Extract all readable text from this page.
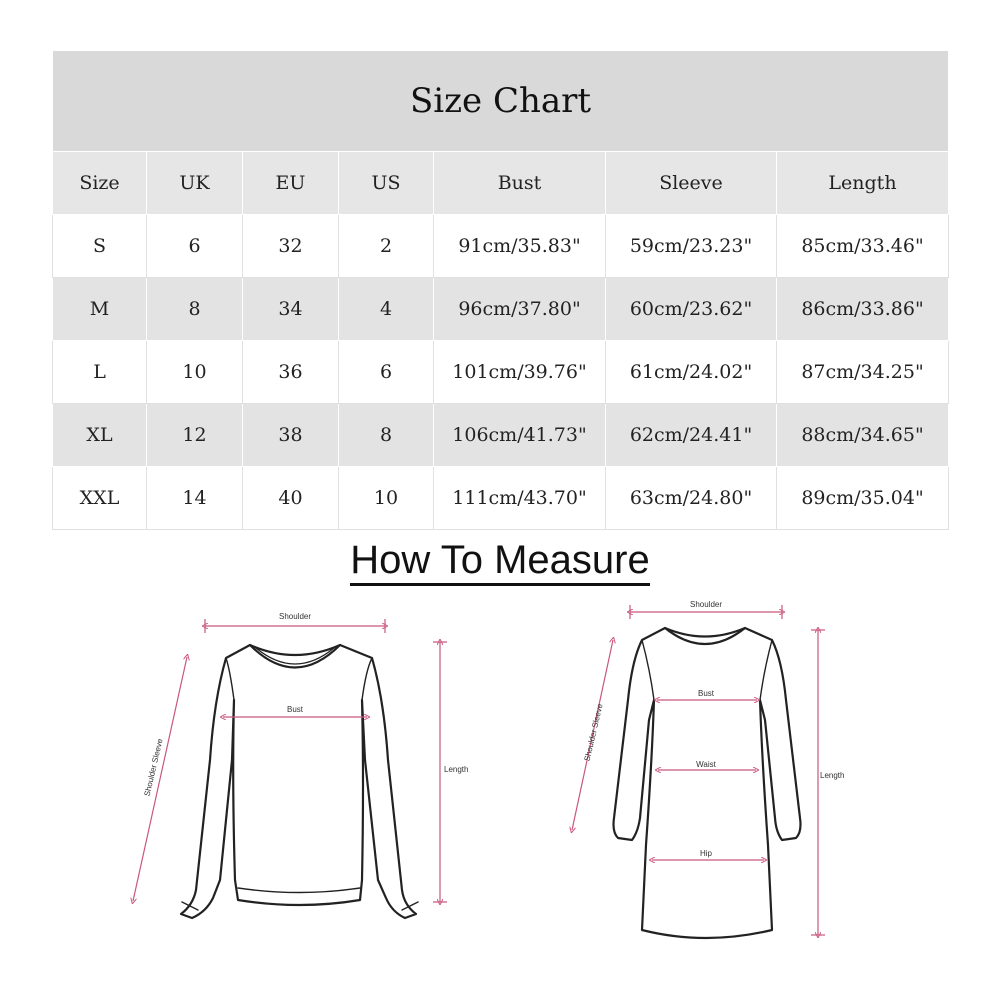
Size Chart						
Size	UK	EU	US	Bust	Sleeve	Length
S	6	32	2	91cm/35.83"	59cm/23.23"	85cm/33.46"
M	8	34	4	96cm/37.80"	60cm/23.62"	86cm/33.86"
L	10	36	6	101cm/39.76"	61cm/24.02"	87cm/34.25"
XL	12	38	8	106cm/41.73"	62cm/24.41"	88cm/34.65"
XXL	14	40	10	111cm/43.70"	63cm/24.80"	89cm/35.04"
How To Measure
Shoulder
Bust
Length
Shoulder Sleeve
Shoulder
Bust
Waist
Hip
Length
Shoulder Sleeve
